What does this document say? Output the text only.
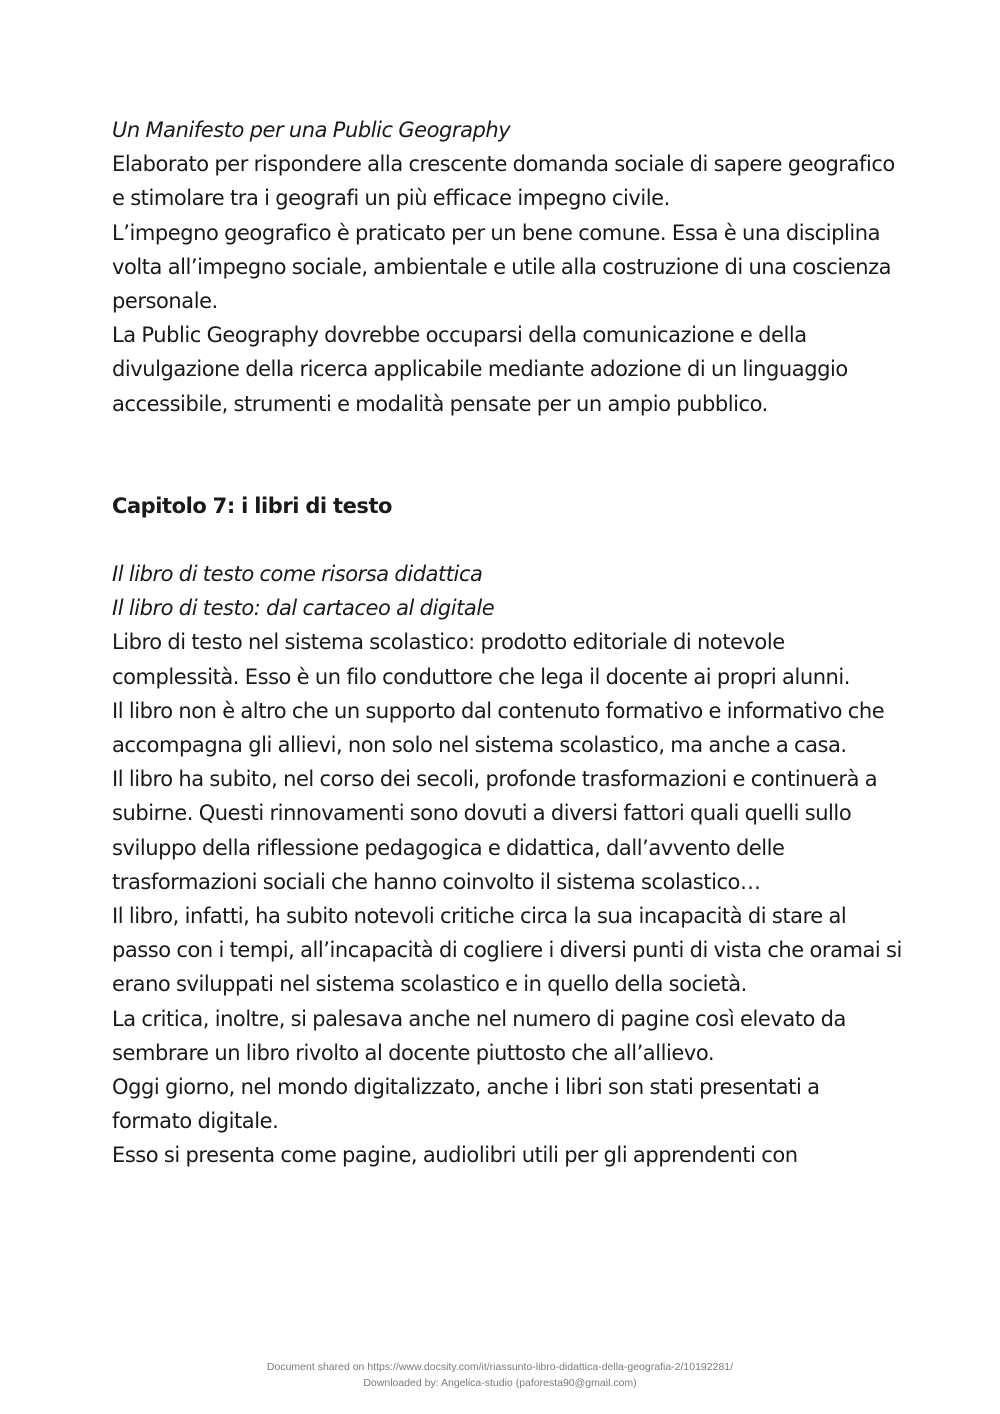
Un Manifesto per una Public Geography

Elaborato per rispondere alla crescente domanda sociale di sapere geografico e stimolare tra i geografi un più efficace impegno civile.

L’impegno geografico è praticato per un bene comune. Essa è una disciplina volta all’impegno sociale, ambientale e utile alla costruzione di una coscienza personale.

La Public Geography dovrebbe occuparsi della comunicazione e della divulgazione della ricerca applicabile mediante adozione di un linguaggio accessibile, strumenti e modalità pensate per un ampio pubblico.

Capitolo 7: i libri di testo

Il libro di testo come risorsa didattica

Il libro di testo: dal cartaceo al digitale

Libro di testo nel sistema scolastico: prodotto editoriale di notevole complessità. Esso è un filo conduttore che lega il docente ai propri alunni.

Il libro non è altro che un supporto dal contenuto formativo e informativo che accompagna gli allievi, non solo nel sistema scolastico, ma anche a casa.

Il libro ha subito, nel corso dei secoli, profonde trasformazioni e continuerà a subirne. Questi rinnovamenti sono dovuti a diversi fattori quali quelli sullo sviluppo della riflessione pedagogica e didattica, dall’avvento delle trasformazioni sociali che hanno coinvolto il sistema scolastico…

Il libro, infatti, ha subito notevoli critiche circa la sua incapacità di stare al passo con i tempi, all’incapacità di cogliere i diversi punti di vista che oramai si erano sviluppati nel sistema scolastico e in quello della società.

La critica, inoltre, si palesava anche nel numero di pagine così elevato da sembrare un libro rivolto al docente piuttosto che all’allievo.

Oggi giorno, nel mondo digitalizzato, anche i libri son stati presentati a formato digitale.

Esso si presenta come pagine, audiolibri utili per gli apprendenti con

Document shared on https://www.docsity.com/it/riassunto-libro-didattica-della-geografia-2/10192281/
Downloaded by: Angelica-studio (paforesta90@gmail.com)
